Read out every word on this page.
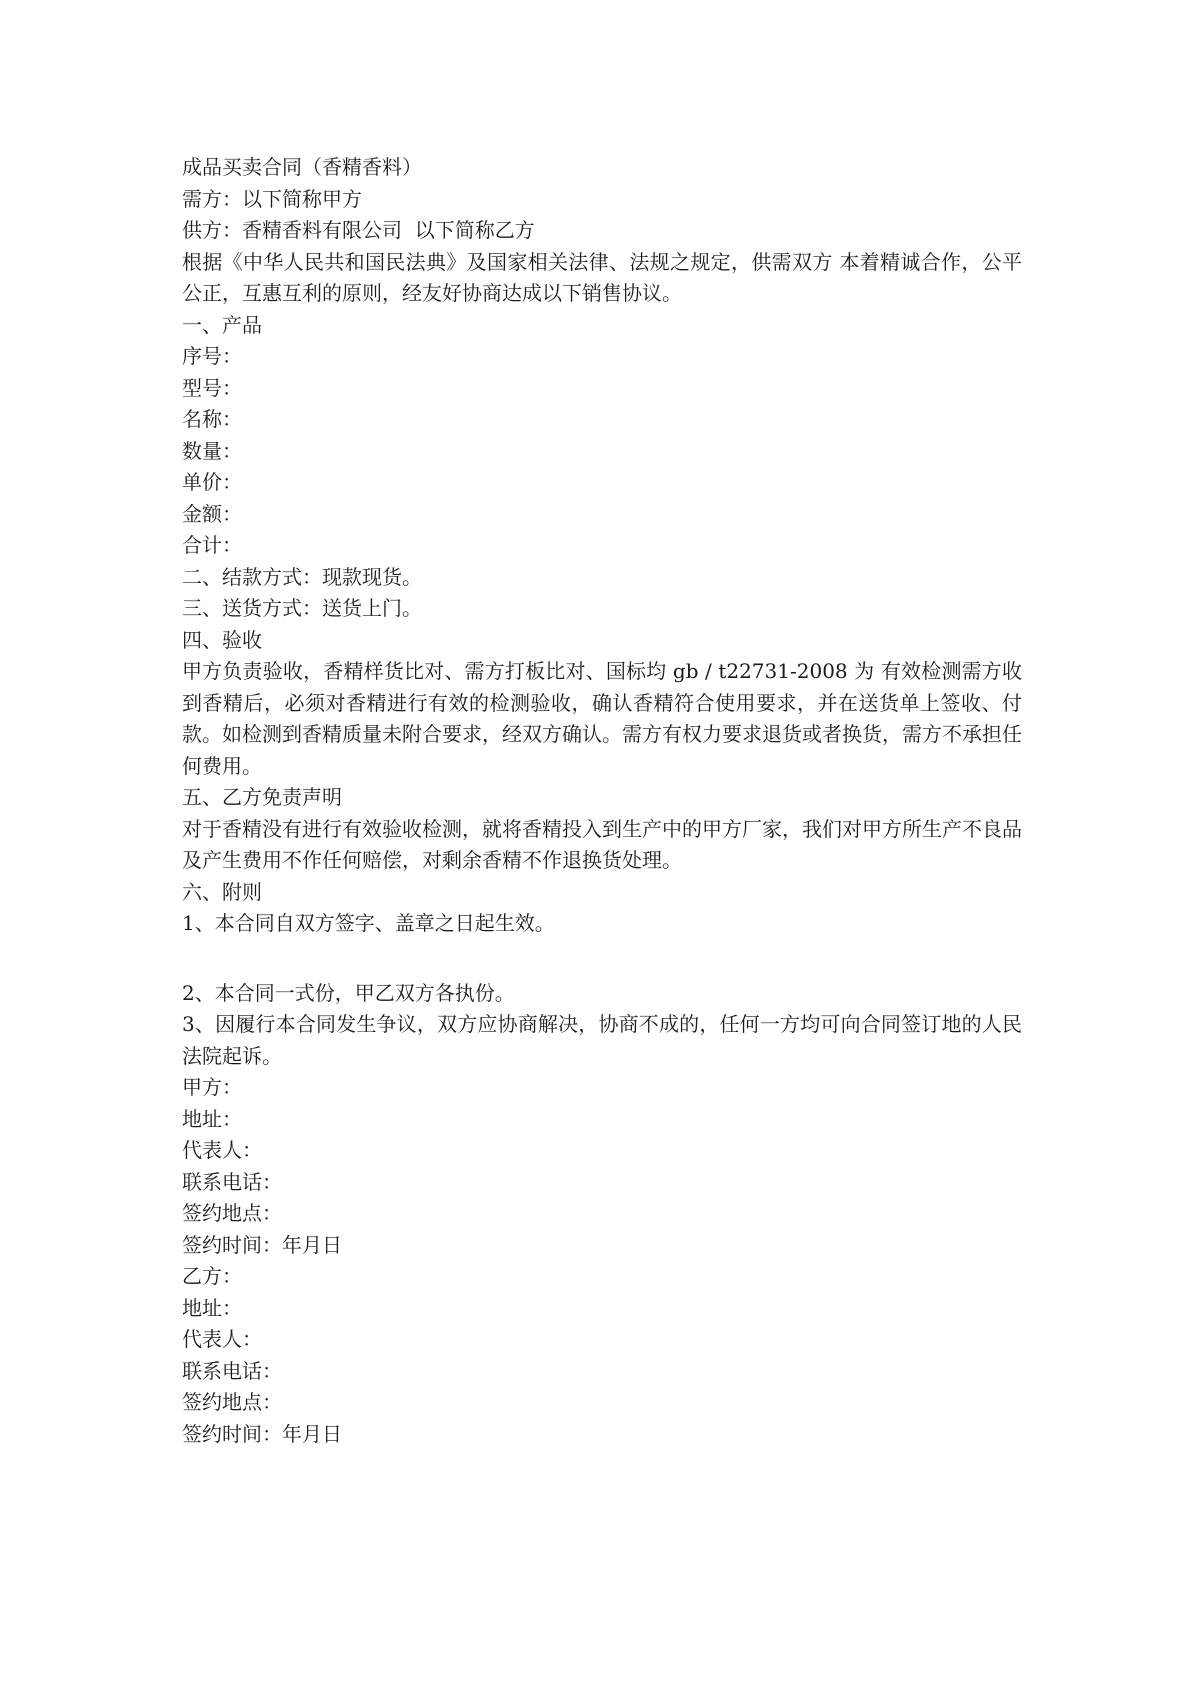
成品买卖合同（香精香料）
需方：以下简称甲方
供方：香精香料有限公司  以下简称乙方
根据《中华人民共和国民法典》及国家相关法律、法规之规定，供需双方 本着精诚合作，公平公正，互惠互利的原则，经友好协商达成以下销售协议。
一、产品
序号：
型号：
名称：
数量：
单价：
金额：
合计：
二、结款方式：现款现货。
三、送货方式：送货上门。
四、验收
甲方负责验收，香精样货比对、需方打板比对、国标均 gb / t22731-2008 为 有效检测需方收到香精后，必须对香精进行有效的检测验收，确认香精符合使用要求，并在送货单上签收、付款。如检测到香精质量未附合要求，经双方确认。需方有权力要求退货或者换货，需方不承担任何费用。
五、乙方免责声明
对于香精没有进行有效验收检测，就将香精投入到生产中的甲方厂家，我们对甲方所生产不良品及产生费用不作任何赔偿，对剩余香精不作退换货处理。
六、附则
1、本合同自双方签字、盖章之日起生效。
2、本合同一式份，甲乙双方各执份。
3、因履行本合同发生争议，双方应协商解决，协商不成的，任何一方均可向合同签订地的人民法院起诉。
甲方：
地址：
代表人：
联系电话：
签约地点：
签约时间：年月日
乙方：
地址：
代表人：
联系电话：
签约地点：
签约时间：年月日
